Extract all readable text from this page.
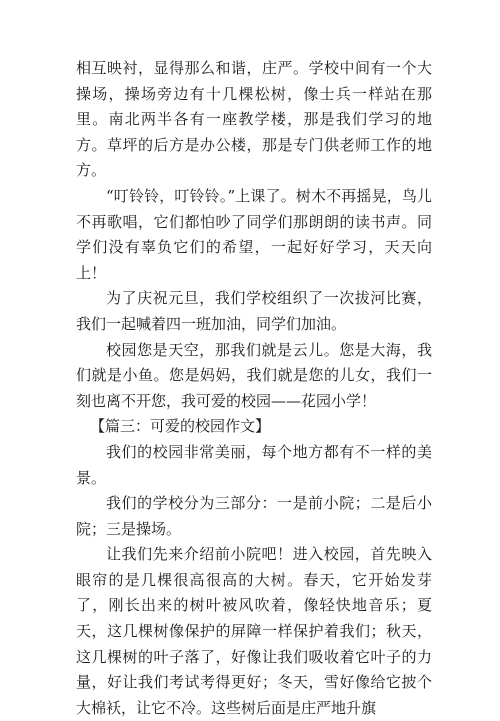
相互映衬，显得那么和谐，庄严。学校中间有一个大操场，操场旁边有十几棵松树，像士兵一样站在那里。南北两半各有一座教学楼，那是我们学习的地方。草坪的后方是办公楼，那是专门供老师工作的地方。

“叮铃铃，叮铃铃。”上课了。树木不再摇晃，鸟儿不再歌唱，它们都怕吵了同学们那朗朗的读书声。同学们没有辜负它们的希望，一起好好学习，天天向上！

为了庆祝元旦，我们学校组织了一次拔河比赛，我们一起喊着四一班加油，同学们加油。

校园您是天空，那我们就是云儿。您是大海，我们就是小鱼。您是妈妈，我们就是您的儿女，我们一刻也离不开您，我可爱的校园——花园小学！

【篇三：可爱的校园作文】

我们的校园非常美丽，每个地方都有不一样的美景。

我们的学校分为三部分：一是前小院；二是后小院；三是操场。

让我们先来介绍前小院吧！进入校园，首先映入眼帘的是几棵很高很高的大树。春天，它开始发芽了，刚长出来的树叶被风吹着，像轻快地音乐；夏天，这几棵树像保护的屏障一样保护着我们；秋天，这几棵树的叶子落了，好像让我们吸收着它叶子的力量，好让我们考试考得更好；冬天，雪好像给它披个大棉袄，让它不冷。这些树后面是庄严地升旗
